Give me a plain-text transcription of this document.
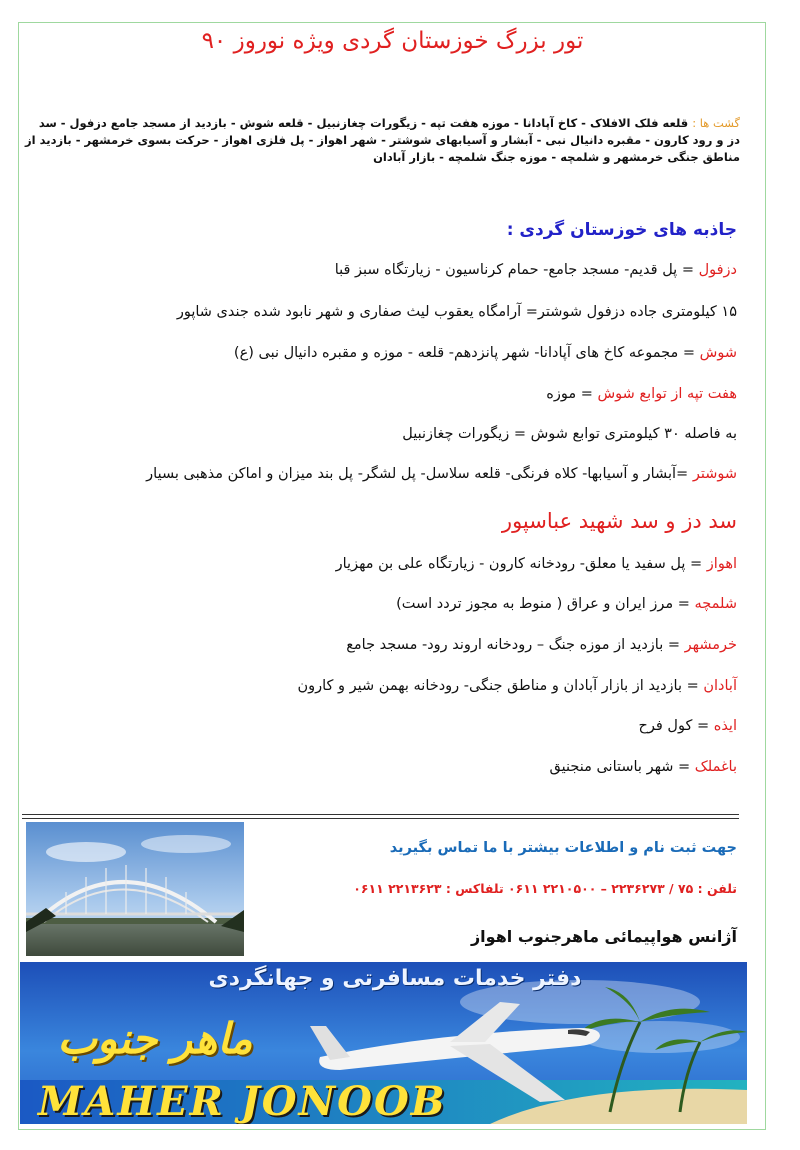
تور بزرگ خوزستان گردی ویژه نوروز ۹۰
گشت ها : قلعه فلک الافلاک - کاخ آپادانا - موزه هفت تپه - زیگورات چغازنبیل - قلعه شوش - بازدید از مسجد جامع دزفول - سد دز و رود کارون - مقبره دانیال نبی - آبشار و آسیابهای شوشتر - شهر اهواز - پل فلزی اهواز - حرکت بسوی خرمشهر - بازدید از مناطق جنگی خرمشهر و شلمچه - موزه جنگ شلمچه - بازار آبادان
جاذبه های خوزستان گردی :
دزفول = پل قدیم- مسجد جامع- حمام کرناسیون - زیارتگاه سبز قبا
۱۵ کیلومتری جاده دزفول شوشتر= آرامگاه یعقوب لیث صفاری و شهر نابود شده جندی شاپور
شوش = مجموعه کاخ های آپادانا- شهر پانزدهم- قلعه - موزه و مقبره دانیال نبی (ع)
هفت تپه از توابع شوش = موزه
به فاصله ۳۰ کیلومتری توابع شوش = زیگورات چغازنبیل
شوشتر =آبشار و آسیابها- کلاه فرنگی- قلعه سلاسل- پل لشگر- پل بند میزان و اماکن مذهبی بسیار
سد دز و سد شهید عباسپور
اهواز = پل سفید یا معلق- رودخانه کارون - زیارتگاه علی بن مهزیار
شلمچه = مرز ایران و عراق ( منوط به مجوز تردد است)
خرمشهر = بازدید از موزه جنگ – رودخانه اروند رود- مسجد جامع
آبادان = بازدید از بازار آبادان و مناطق جنگی- رودخانه بهمن شیر و کارون
ایذه = کول فرح
باغملک = شهر باستانی منجنیق
جهت ثبت نام و اطلاعات بیشتر با ما تماس بگیرید
تلفن : ۷۵ / ۲۲۳۶۲۷۳ – ۲۲۱۰۵۰۰ ۰۶۱۱ تلفاکس : ۲۲۱۳۶۲۳ ۰۶۱۱
آژانس هواپیمائی ماهرجنوب اهواز
دفتر خدمات مسافرتی و جهانگردی
ماهر جنوب
MAHER JONOOB
